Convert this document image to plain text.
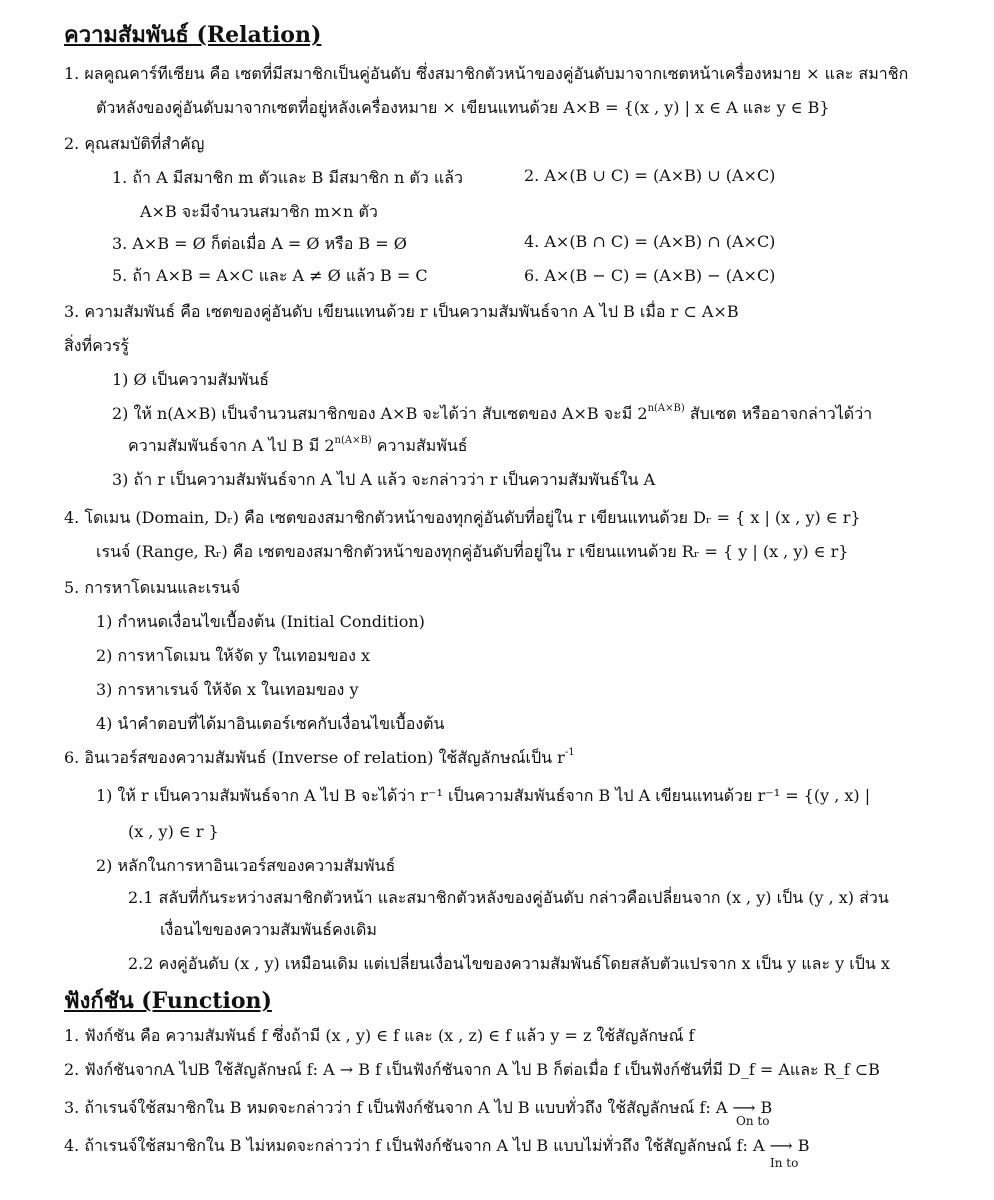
ความสัมพันธ์ (Relation)
1. ผลคูณคาร์ทีเซียน คือ เซตที่มีสมาชิกเป็นคู่อันดับ ซึ่งสมาชิกตัวหน้าของคู่อันดับมาจากเซตหน้าเครื่องหมาย × และ สมาชิก
ตัวหลังของคู่อันดับมาจากเซตที่อยู่หลังเครื่องหมาย × เขียนแทนด้วย A×B = {(x , y) | x ∈ A และ y ∈ B}
2. คุณสมบัติที่สำคัญ
1. ถ้า A มีสมาชิก m ตัวและ B มีสมาชิก n ตัว แล้ว
A×B จะมีจำนวนสมาชิก m×n ตัว
2. A×(B ∪ C) = (A×B) ∪ (A×C)
3. A×B = Ø ก็ต่อเมื่อ A = Ø หรือ B = Ø	4. A×(B ∩ C) = (A×B) ∩ (A×C)
5. ถ้า A×B = A×C และ A ≠ Ø แล้ว B = C	6. A×(B − C) = (A×B) − (A×C)
3. ความสัมพันธ์ คือ เซตของคู่อันดับ เขียนแทนด้วย r เป็นความสัมพันธ์จาก A ไป B เมื่อ r ⊂ A×B
สิ่งที่ควรรู้
1) Ø เป็นความสัมพันธ์
2) ให้ n(A×B) เป็นจำนวนสมาชิกของ A×B จะได้ว่า สับเซตของ A×B จะมี $2^{n(A\times B)}$ สับเซต หรืออาจกล่าวได้ว่า
ความสัมพันธ์จาก A ไป B มี $2^{n(A\times B)}$ ความสัมพันธ์
3) ถ้า r เป็นความสัมพันธ์จาก A ไป A แล้ว จะกล่าวว่า r เป็นความสัมพันธ์ใน A
4. โดเมน (Domain, Dᵣ) คือ เซตของสมาชิกตัวหน้าของทุกคู่อันดับที่อยู่ใน r เขียนแทนด้วย Dᵣ = { x | (x , y) ∈ r}
เรนจ์ (Range, Rᵣ) คือ เซตของสมาชิกตัวหน้าของทุกคู่อันดับที่อยู่ใน r เขียนแทนด้วย Rᵣ = { y | (x , y) ∈ r}
5. การหาโดเมนและเรนจ์
1) กำหนดเงื่อนไขเบื้องต้น (Initial Condition)
2) การหาโดเมน ให้จัด y ในเทอมของ x
3) การหาเรนจ์ ให้จัด x ในเทอมของ y
4) นำคำตอบที่ได้มาอินเตอร์เซคกับเงื่อนไขเบื้องต้น
6. อินเวอร์สของความสัมพันธ์ (Inverse of relation) ใช้สัญลักษณ์เป็น $r^{-1}$
1) ให้ r เป็นความสัมพันธ์จาก A ไป B จะได้ว่า r⁻¹ เป็นความสัมพันธ์จาก B ไป A เขียนแทนด้วย r⁻¹ = {(y , x) |
(x , y) ∈ r }
2) หลักในการหาอินเวอร์สของความสัมพันธ์
2.1 สลับที่กันระหว่างสมาชิกตัวหน้า และสมาชิกตัวหลังของคู่อันดับ กล่าวคือเปลี่ยนจาก (x , y) เป็น (y , x) ส่วน
เงื่อนไขของความสัมพันธ์คงเดิม
2.2 คงคู่อันดับ (x , y) เหมือนเดิม แต่เปลี่ยนเงื่อนไขของความสัมพันธ์โดยสลับตัวแปรจาก x เป็น y และ y เป็น x
ฟังก์ชัน (Function)
1. ฟังก์ชัน คือ ความสัมพันธ์ f ซึ่งถ้ามี (x , y) ∈ f และ (x , z) ∈ f แล้ว y = z ใช้สัญลักษณ์ f
2. ฟังก์ชันจากA ไปB ใช้สัญลักษณ์ f: A → B f เป็นฟังก์ชันจาก A ไป B ก็ต่อเมื่อ f เป็นฟังก์ชันที่มี D_f = Aและ R_f ⊂B
3. ถ้าเรนจ์ใช้สมาชิกใน B หมดจะกล่าวว่า f เป็นฟังก์ชันจาก A ไป B แบบทั่วถึง ใช้สัญลักษณ์ f: A ⟶ B
On to
4. ถ้าเรนจ์ใช้สมาชิกใน B ไม่หมดจะกล่าวว่า f เป็นฟังก์ชันจาก A ไป B แบบไม่ทั่วถึง ใช้สัญลักษณ์ f: A ⟶ B
In to
